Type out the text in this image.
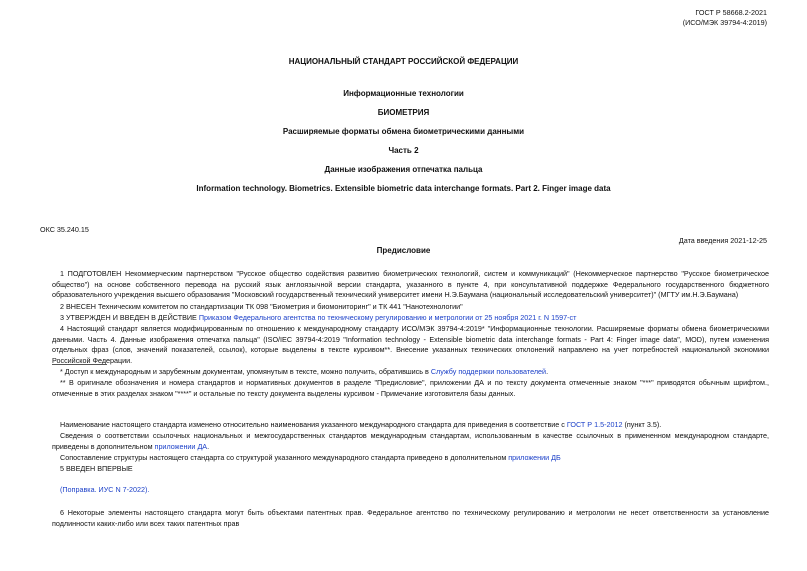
ГОСТ Р 58668.2-2021
(ИСО/МЭК 39794-4:2019)
НАЦИОНАЛЬНЫЙ СТАНДАРТ РОССИЙСКОЙ ФЕДЕРАЦИИ
Информационные технологии
БИОМЕТРИЯ
Расширяемые форматы обмена биометрическими данными
Часть 2
Данные изображения отпечатка пальца
Information technology. Biometrics. Extensible biometric data interchange formats. Part 2. Finger image data
ОКС 35.240.15
Дата введения 2021-12-25
Предисловие
1 ПОДГОТОВЛЕН Некоммерческим партнерством "Русское общество содействия развитию биометрических технологий, систем и коммуникаций" (Некоммерческое партнерство "Русское биометрическое общество") на основе собственного перевода на русский язык англоязычной версии стандарта, указанного в пункте 4, при консультативной поддержке Федерального государственного бюджетного образовательного учреждения высшего образования "Московский государственный технический университет имени Н.Э.Баумана (национальный исследовательский университет)" (МГТУ им.Н.Э.Баумана)
2 ВНЕСЕН Техническим комитетом по стандартизации ТК 098 "Биометрия и биомониторинг" и ТК 441 "Нанотехнологии"
3 УТВЕРЖДЕН И ВВЕДЕН В ДЕЙСТВИЕ Приказом Федерального агентства по техническому регулированию и метрологии от 25 ноября 2021 г. N 1597-ст
4 Настоящий стандарт является модифицированным по отношению к международному стандарту ИСО/МЭК 39794-4:2019* "Информационные технологии. Расширяемые форматы обмена биометрическими данными. Часть 4. Данные изображения отпечатка пальца" (ISO/IEC 39794-4:2019 "Information technology - Extensible biometric data interchange formats - Part 4: Finger image data", MOD), путем изменения отдельных фраз (слов, значений показателей, ссылок), которые выделены в тексте курсивом**. Внесение указанных технических отклонений направлено на учет потребностей национальной экономики Российской Федерации.
* Доступ к международным и зарубежным документам, упомянутым в тексте, можно получить, обратившись в Службу поддержки пользователей.
** В оригинале обозначения и номера стандартов и нормативных документов в разделе "Предисловие", приложении ДА и по тексту документа отмеченные знаком "***" приводятся обычным шрифтом., отмеченные в этих разделах знаком "****" и остальные по тексту документа выделены курсивом - Примечание изготовителя базы данных.
Наименование настоящего стандарта изменено относительно наименования указанного международного стандарта для приведения в соответствие с ГОСТ Р 1.5-2012 (пункт 3.5).
Сведения о соответствии ссылочных национальных и межгосударственных стандартов международным стандартам, использованным в качестве ссылочных в примененном международном стандарте, приведены в дополнительном приложении ДА.
Сопоставление структуры настоящего стандарта со структурой указанного международного стандарта приведено в дополнительном приложении ДБ
5 ВВЕДЕН ВПЕРВЫЕ
(Поправка. ИУС N 7-2022).
6 Некоторые элементы настоящего стандарта могут быть объектами патентных прав. Федеральное агентство по техническому регулированию и метрологии не несет ответственности за установление подлинности каких-либо или всех таких патентных прав
